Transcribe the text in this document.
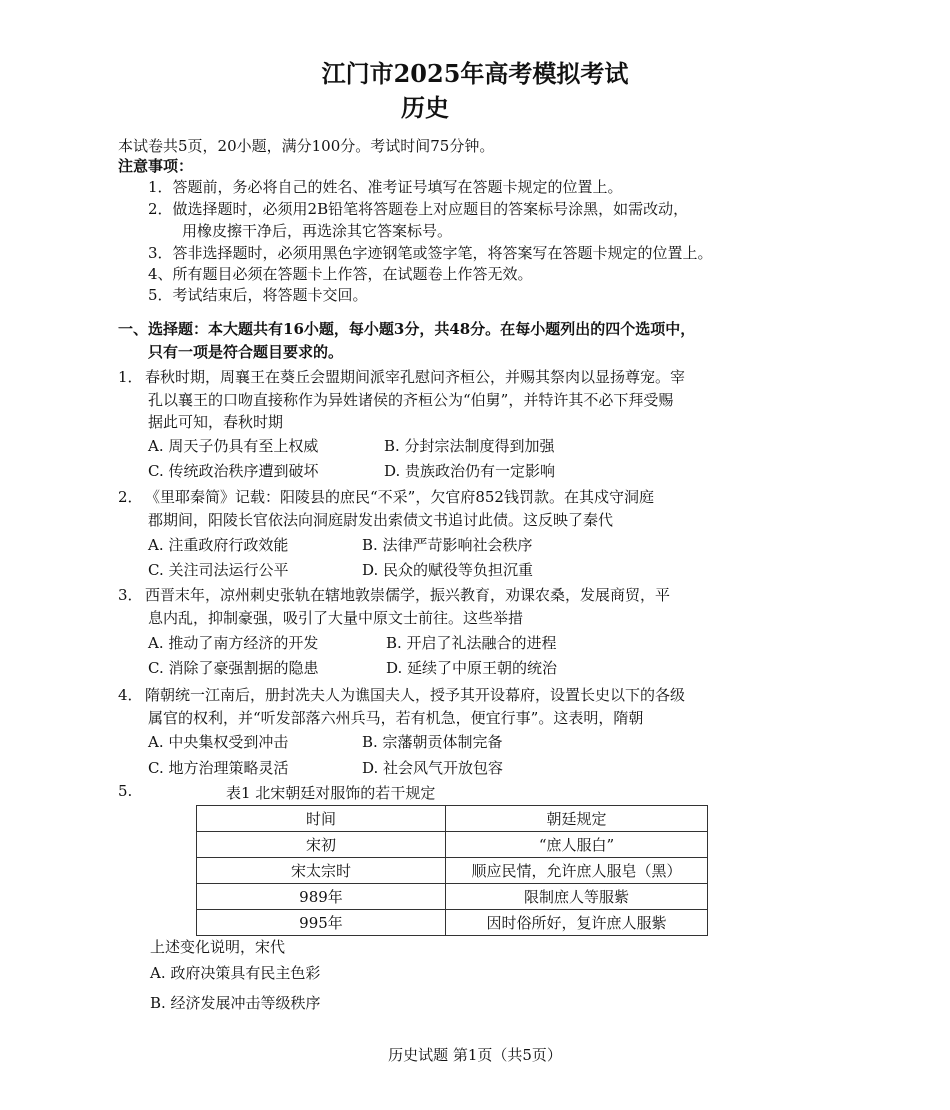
江门市2025年高考模拟考试
历史
本试卷共5页，20小题，满分100分。考试时间75分钟。
注意事项：
1．答题前，务必将自己的姓名、准考证号填写在答题卡规定的位置上。
2．做选择题时，必须用2B铅笔将答题卷上对应题目的答案标号涂黑，如需改动，
用橡皮擦干净后，再选涂其它答案标号。
3．答非选择题时，必须用黑色字迹钢笔或签字笔，将答案写在答题卡规定的位置上。
4、所有题目必须在答题卡上作答，在试题卷上作答无效。
5．考试结束后，将答题卡交回。
一、选择题：本大题共有16小题，每小题3分，共48分。在每小题列出的四个选项中，
只有一项是符合题目要求的。
1． 春秋时期，周襄王在葵丘会盟期间派宰孔慰问齐桓公，并赐其祭肉以显扬尊宠。宰
孔以襄王的口吻直接称作为异姓诸侯的齐桓公为“伯舅”，并特许其不必下拜受赐
据此可知，春秋时期
A. 周天子仍具有至上权威	B. 分封宗法制度得到加强
C. 传统政治秩序遭到破坏	D. 贵族政治仍有一定影响
2． 《里耶秦简》记载：阳陵县的庶民“不采”，欠官府852钱罚款。在其戍守洞庭
郡期间，阳陵长官依法向洞庭尉发出索债文书追讨此债。这反映了秦代
A. 注重政府行政效能	B. 法律严苛影响社会秩序
C. 关注司法运行公平	D. 民众的赋役等负担沉重
3． 西晋末年，凉州刺史张轨在辖地敦崇儒学，振兴教育，劝课农桑，发展商贸，平
息内乱，抑制豪强，吸引了大量中原文士前往。这些举措
A. 推动了南方经济的开发	B. 开启了礼法融合的进程
C. 消除了豪强割据的隐患	D. 延续了中原王朝的统治
4． 隋朝统一江南后，册封冼夫人为谯国夫人，授予其开设幕府，设置长史以下的各级
属官的权利，并“听发部落六州兵马，若有机急，便宜行事”。这表明，隋朝
A. 中央集权受到冲击	B. 宗藩朝贡体制完备
C. 地方治理策略灵活	D. 社会风气开放包容
5.	表1 北宋朝廷对服饰的若干规定
时间	朝廷规定
宋初	“庶人服白”
宋太宗时	顺应民情，允许庶人服皂（黑）
989年	限制庶人等服紫
995年	因时俗所好，复许庶人服紫
上述变化说明，宋代
A. 政府决策具有民主色彩
B. 经济发展冲击等级秩序
历史试题 第1页（共5页）
